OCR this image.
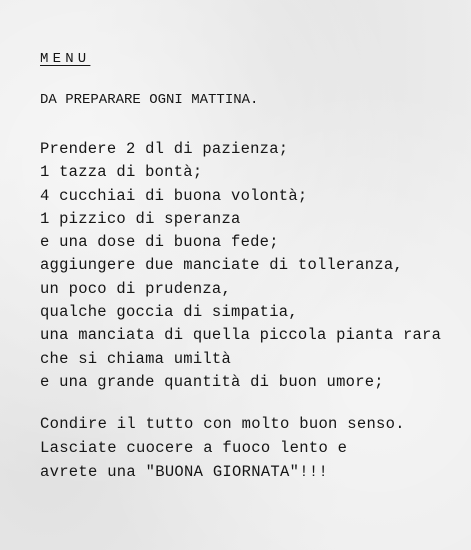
MENU
DA PREPARARE OGNI MATTINA.
Prendere 2 dl di pazienza;
1 tazza di bontà;
4 cucchiai di buona volontà;
1 pizzico di speranza
e una dose di buona fede;
aggiungere due manciate di tolleranza,
un poco di prudenza,
qualche goccia di simpatia,
una manciata di quella piccola pianta rara
che si chiama umiltà
e una grande quantità di buon umore;
Condire il tutto con molto buon senso.
Lasciate cuocere a fuoco lento e
avrete una "BUONA GIORNATA"!!!
